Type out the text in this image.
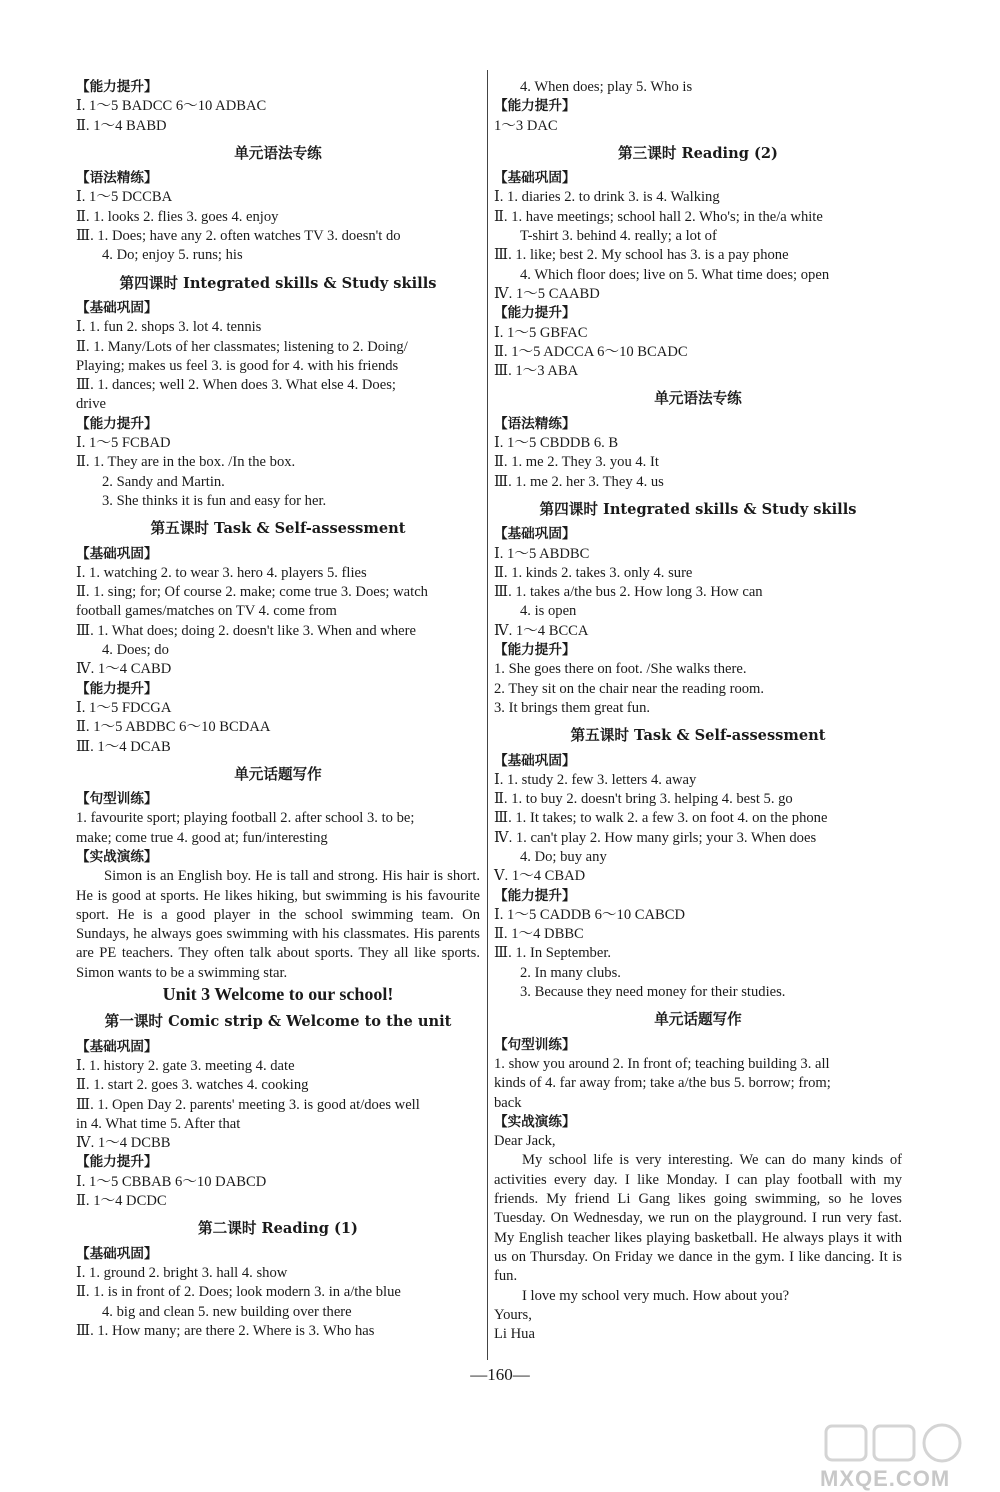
【能力提升】
Ⅰ. 1～5 BADCC 6～10 ADBAC
Ⅱ. 1～4 BABD
单元语法专练
【语法精练】
Ⅰ. 1～5 DCCBA
Ⅱ. 1. looks 2. flies 3. goes 4. enjoy
Ⅲ. 1. Does; have any 2. often watches TV 3. doesn't do
4. Do; enjoy 5. runs; his
第四课时 Integrated skills & Study skills
【基础巩固】
Ⅰ. 1. fun 2. shops 3. lot 4. tennis
Ⅱ. 1. Many/Lots of her classmates; listening to 2. Doing/
Playing; makes us feel 3. is good for 4. with his friends
Ⅲ. 1. dances; well 2. When does 3. What else 4. Does;
drive
【能力提升】
Ⅰ. 1～5 FCBAD
Ⅱ. 1. They are in the box. /In the box.
2. Sandy and Martin.
3. She thinks it is fun and easy for her.
第五课时 Task & Self-assessment
【基础巩固】
Ⅰ. 1. watching 2. to wear 3. hero 4. players 5. flies
Ⅱ. 1. sing; for; Of course 2. make; come true 3. Does; watch
football games/matches on TV 4. come from
Ⅲ. 1. What does; doing 2. doesn't like 3. When and where
4. Does; do
Ⅳ. 1～4 CABD
【能力提升】
Ⅰ. 1～5 FDCGA
Ⅱ. 1～5 ABDBC 6～10 BCDAA
Ⅲ. 1～4 DCAB
单元话题写作
【句型训练】
1. favourite sport; playing football 2. after school 3. to be;
make; come true 4. good at; fun/interesting
【实战演练】
Simon is an English boy. He is tall and strong. His hair is short. He is good at sports. He likes hiking, but swimming is his favourite sport. He is a good player in the school swimming team. On Sundays, he always goes swimming with his classmates. His parents are PE teachers. They often talk about sports. They all like sports. Simon wants to be a swimming star.
Unit 3 Welcome to our school!
第一课时 Comic strip & Welcome to the unit
【基础巩固】
Ⅰ. 1. history 2. gate 3. meeting 4. date
Ⅱ. 1. start 2. goes 3. watches 4. cooking
Ⅲ. 1. Open Day 2. parents' meeting 3. is good at/does well
in 4. What time 5. After that
Ⅳ. 1～4 DCBB
【能力提升】
Ⅰ. 1～5 CBBAB 6～10 DABCD
Ⅱ. 1～4 DCDC
第二课时 Reading (1)
【基础巩固】
Ⅰ. 1. ground 2. bright 3. hall 4. show
Ⅱ. 1. is in front of 2. Does; look modern 3. in a/the blue
4. big and clean 5. new building over there
Ⅲ. 1. How many; are there 2. Where is 3. Who has
4. When does; play 5. Who is
【能力提升】
1～3 DAC
第三课时 Reading (2)
【基础巩固】
Ⅰ. 1. diaries 2. to drink 3. is 4. Walking
Ⅱ. 1. have meetings; school hall 2. Who's; in the/a white
T-shirt 3. behind 4. really; a lot of
Ⅲ. 1. like; best 2. My school has 3. is a pay phone
4. Which floor does; live on 5. What time does; open
Ⅳ. 1～5 CAABD
【能力提升】
Ⅰ. 1～5 GBFAC
Ⅱ. 1～5 ADCCA 6～10 BCADC
Ⅲ. 1～3 ABA
单元语法专练
【语法精练】
Ⅰ. 1～5 CBDDB 6. B
Ⅱ. 1. me 2. They 3. you 4. It
Ⅲ. 1. me 2. her 3. They 4. us
第四课时 Integrated skills & Study skills
【基础巩固】
Ⅰ. 1～5 ABDBC
Ⅱ. 1. kinds 2. takes 3. only 4. sure
Ⅲ. 1. takes a/the bus 2. How long 3. How can
4. is open
Ⅳ. 1～4 BCCA
【能力提升】
1. She goes there on foot. /She walks there.
2. They sit on the chair near the reading room.
3. It brings them great fun.
第五课时 Task & Self-assessment
【基础巩固】
Ⅰ. 1. study 2. few 3. letters 4. away
Ⅱ. 1. to buy 2. doesn't bring 3. helping 4. best 5. go
Ⅲ. 1. It takes; to walk 2. a few 3. on foot 4. on the phone
Ⅳ. 1. can't play 2. How many girls; your 3. When does
4. Do; buy any
Ⅴ. 1～4 CBAD
【能力提升】
Ⅰ. 1～5 CADDB 6～10 CABCD
Ⅱ. 1～4 DBBC
Ⅲ. 1. In September.
2. In many clubs.
3. Because they need money for their studies.
单元话题写作
【句型训练】
1. show you around 2. In front of; teaching building 3. all
kinds of 4. far away from; take a/the bus 5. borrow; from;
back
【实战演练】
Dear Jack,
My school life is very interesting. We can do many kinds of activities every day. I like Monday. I can play football with my friends. My friend Li Gang likes going swimming, so he loves Tuesday. On Wednesday, we run on the playground. I run very fast. My English teacher likes playing basketball. He always plays it with us on Thursday. On Friday we dance in the gym. I like dancing. It is fun.
I love my school very much. How about you?
Yours,
Li Hua
—160—
MXQE.COM
